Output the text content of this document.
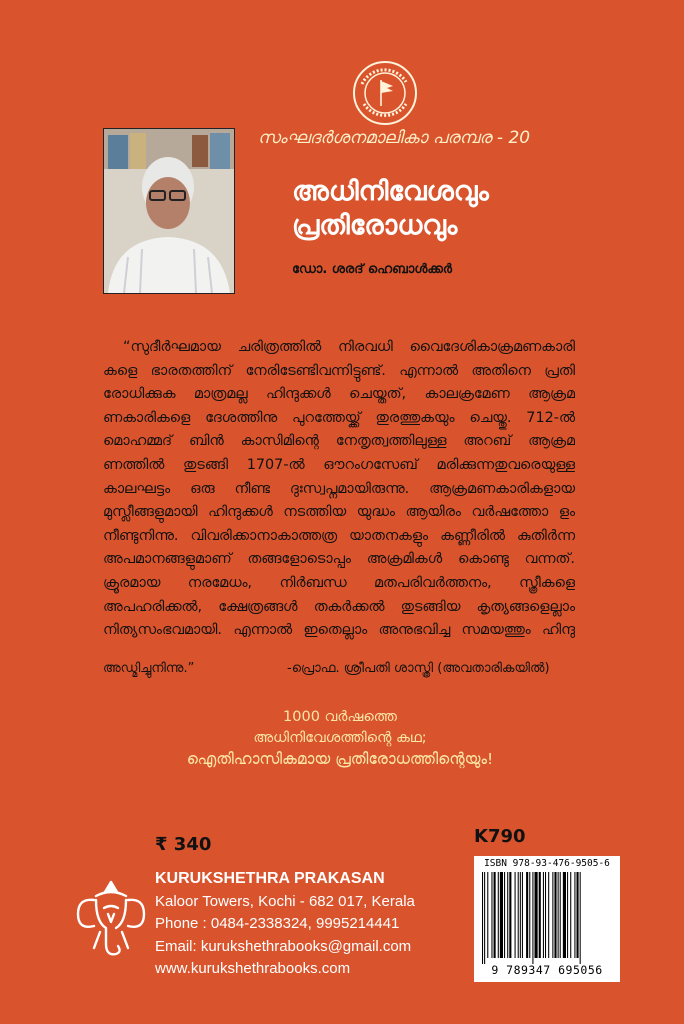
സംഘദർശനമാലികാ പരമ്പര - 20
അധിനിവേശവും
പ്രതിരോധവും
ഡോ. ശരദ് ഹെബാൾക്കർ

“സുദീർഘമായ ചരിത്രത്തിൽ നിരവധി വൈദേശികാക്രമണകാരി കളെ ഭാരതത്തിന് നേരിടേണ്ടിവന്നിട്ടുണ്ട്. എന്നാൽ അതിനെ പ്രതി രോധിക്കുക മാത്രമല്ല ഹിന്ദുക്കൾ ചെയ്തത്, കാലക്രമേണ ആക്രമ ണകാരികളെ ദേശത്തിനു പുറത്തേയ്ക്ക് തുരത്തുകയും ചെയ്തു. 712-ൽ മൊഹമ്മദ് ബിൻ കാസിമിന്റെ നേതൃത്വത്തിലുള്ള അറബ് ആക്രമ ണത്തിൽ തുടങ്ങി 1707-ൽ ഔറംഗസേബ് മരിക്കുന്നതുവരെയുള്ള കാലഘട്ടം ഒരു നീണ്ട ദുഃസ്വപ്നമായിരുന്നു. ആക്രമണകാരികളായ മുസ്ലീങ്ങളുമായി ഹിന്ദുക്കൾ നടത്തിയ യുദ്ധം ആയിരം വർഷത്തോ ളം നീണ്ടുനിന്നു. വിവരിക്കാനാകാത്തത്ര യാതനകളും കണ്ണീരിൽ കുതിർന്ന അപമാനങ്ങളുമാണ് തങ്ങളോടൊപ്പം അക്രമികൾ കൊണ്ടു വന്നത്. ക്രൂരമായ നരമേധം, നിർബന്ധ മതപരിവർത്തനം, സ്ത്രീകളെ അപഹരിക്കൽ, ക്ഷേത്രങ്ങൾ തകർക്കൽ തുടങ്ങിയ കൃത്യങ്ങളെല്ലാം നിത്യസംഭവമായി. എന്നാൽ ഇതെല്ലാം അനുഭവിച്ച സമയത്തും ഹിന്ദു

അഡ്മിച്ചുനിന്നു.”	-പ്രൊഫ. ശ്രീപതി ശാസ്ത്രി (അവതാരികയിൽ)
1000 വർഷത്തെ
അധിനിവേശത്തിന്റെ കഥ;
ഐതിഹാസികമായ പ്രതിരോധത്തിന്റെയും!
₹ 340	K790
KURUKSHETHRA PRAKASAN
Kaloor Towers, Kochi - 682 017, Kerala
Phone : 0484-2338324, 9995214441
Email: kurukshethrabooks@gmail.com
www.kurukshethrabooks.com
ISBN 978-93-476-9505-6
9 789347 695056
